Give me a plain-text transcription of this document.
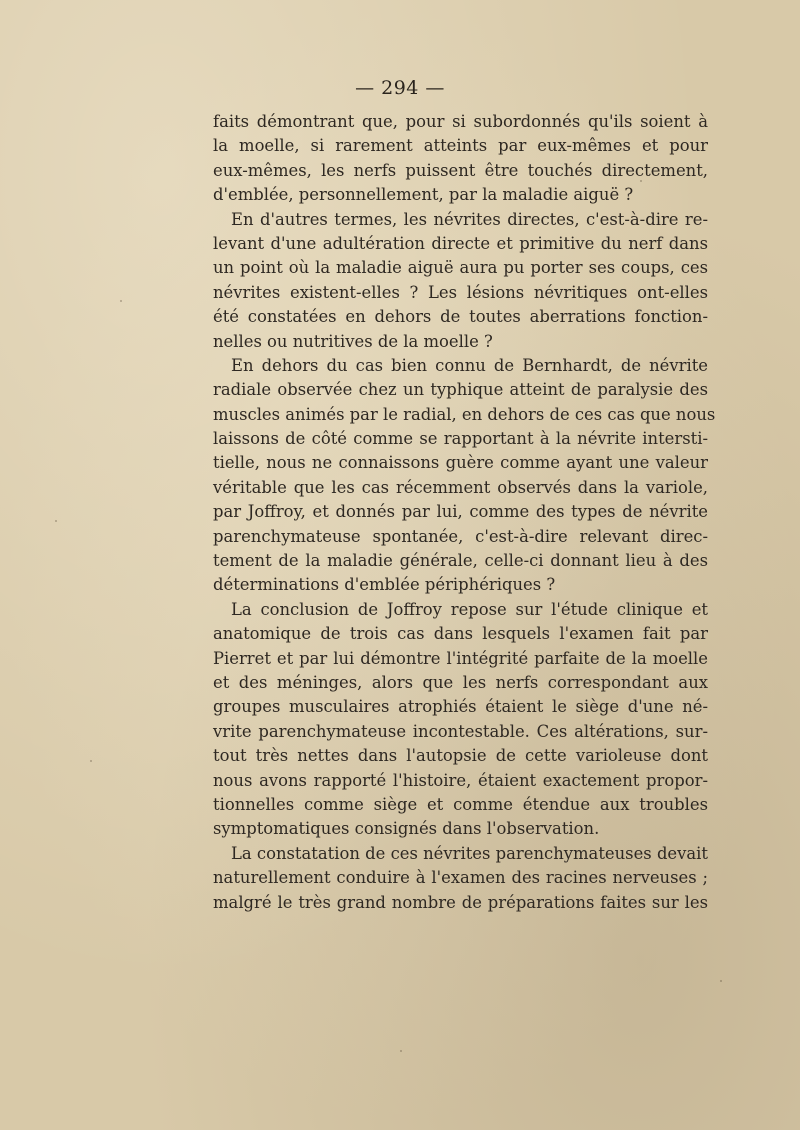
— 294 —
faits démontrant que, pour si subordonnés qu'ils soient à
la moelle, si rarement atteints par eux-mêmes et pour
eux-mêmes, les nerfs puissent être touchés directement,
d'emblée, personnellement, par la maladie aiguë ?
En d'autres termes, les névrites directes, c'est-à-dire re-
levant d'une adultération directe et primitive du nerf dans
un point où la maladie aiguë aura pu porter ses coups, ces
névrites existent-elles ? Les lésions névritiques ont-elles
été constatées en dehors de toutes aberrations fonction-
nelles ou nutritives de la moelle ?
En dehors du cas bien connu de Bernhardt, de névrite
radiale observée chez un typhique atteint de paralysie des
muscles animés par le radial, en dehors de ces cas que nous
laissons de côté comme se rapportant à la névrite intersti-
tielle, nous ne connaissons guère comme ayant une valeur
véritable que les cas récemment observés dans la variole,
par Joffroy, et donnés par lui, comme des types de névrite
parenchymateuse spontanée, c'est-à-dire relevant direc-
tement de la maladie générale, celle-ci donnant lieu à des
déterminations d'emblée périphériques ?
La conclusion de Joffroy repose sur l'étude clinique et
anatomique de trois cas dans lesquels l'examen fait par
Pierret et par lui démontre l'intégrité parfaite de la moelle
et des méninges, alors que les nerfs correspondant aux
groupes musculaires atrophiés étaient le siège d'une né-
vrite parenchymateuse incontestable. Ces altérations, sur-
tout très nettes dans l'autopsie de cette varioleuse dont
nous avons rapporté l'histoire, étaient exactement propor-
tionnelles comme siège et comme étendue aux troubles
symptomatiques consignés dans l'observation.
La constatation de ces névrites parenchymateuses devait
naturellement conduire à l'examen des racines nerveuses ;
malgré le très grand nombre de préparations faites sur les
